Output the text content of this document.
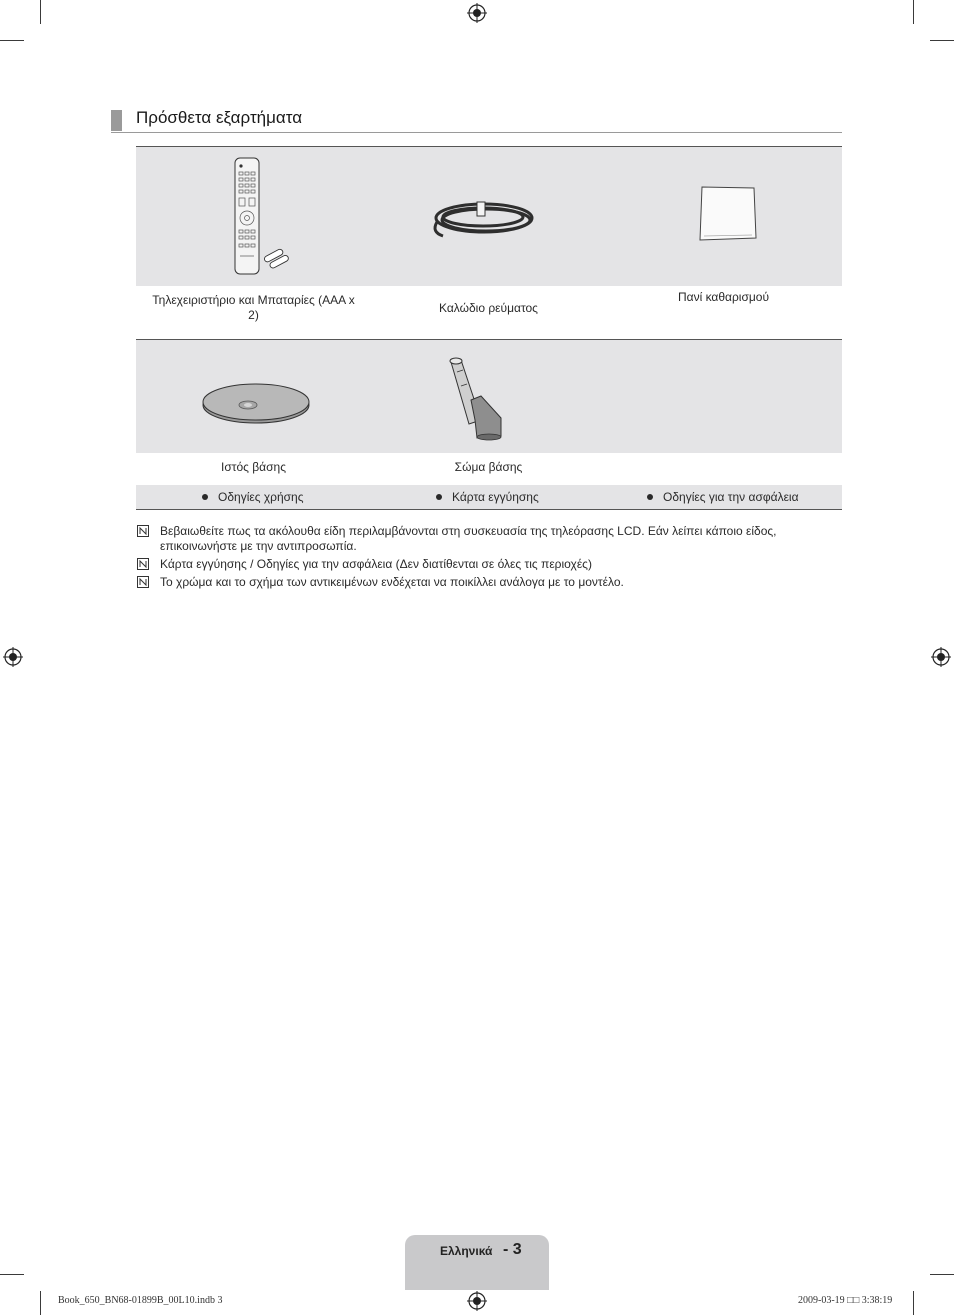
Πρόσθετα εξαρτήματα
Τηλεχειριστήριο και Μπαταρίες (AAA x 2)	Καλώδιο ρεύματος
Πανί καθαρισμού
Ιστός βάσης	Σώμα βάσης
Οδηγίες χρήσης	Κάρτα εγγύησης	Οδηγίες για την ασφάλεια
Βεβαιωθείτε πως τα ακόλουθα είδη περιλαμβάνονται στη συσκευασία της τηλεόρασης LCD. Εάν λείπει κάποιο είδος, επικοινωνήστε με την αντιπροσωπία.
Κάρτα εγγύησης / Οδηγίες για την ασφάλεια (Δεν διατίθενται σε όλες τις περιοχές)
Το χρώμα και το σχήμα των αντικειμένων ενδέχεται να ποικίλλει ανάλογα με το μοντέλο.
Ελληνικά - 3
Book_650_BN68-01899B_00L10.indb 3	2009-03-19 □□ 3:38:19
